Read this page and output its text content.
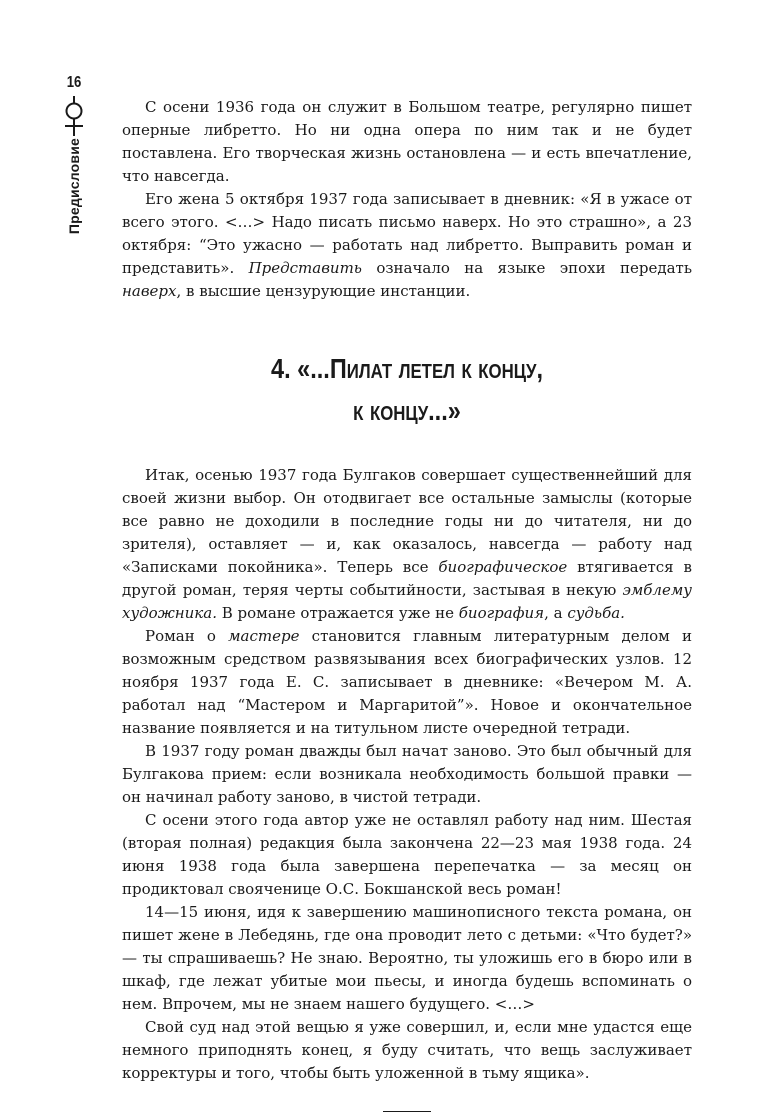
16
Предисловие

С осени 1936 года он служит в Большом театре, регулярно пишет оперные либретто. Но ни одна опера по ним так и не будет поставлена. Его творческая жизнь остановлена — и есть впечатление, что навсегда.

Его жена 5 октября 1937 года записывает в дневник: «Я в ужасе от всего этого. <…> Надо писать письмо наверх. Но это страшно», а 23 октября: “Это ужасно — работать над либретто. Выправить роман и представить». Представить означало на языке эпохи передать наверх, в высшие цензурующие инстанции.

4. «...Пилат летел к концу,
к концу...»

Итак, осенью 1937 года Булгаков совершает существеннейший для своей жизни выбор. Он отодвигает все остальные замыслы (которые все равно не доходили в последние годы ни до читателя, ни до зрителя), оставляет — и, как оказалось, навсегда — работу над «Записками покойника». Теперь все биографическое втягивается в другой роман, теряя черты событийности, застывая в некую эмблему художника. В романе отражается уже не биография, а судьба.

Роман о мастере становится главным литературным делом и возможным средством развязывания всех биографических узлов. 12 ноября 1937 года Е. С. записывает в дневнике: «Вечером М. А. работал над “Мастером и Маргаритой”». Новое и окончательное название появляется и на титульном листе очередной тетради.

В 1937 году роман дважды был начат заново. Это был обычный для Булгакова прием: если возникала необходимость большой правки — он начинал работу заново, в чистой тетради.

С осени этого года автор уже не оставлял работу над ним. Шестая (вторая полная) редакция была закончена 22—23 мая 1938 года. 24 июня 1938 года была завершена перепечатка — за месяц он продиктовал свояченице О.С. Бокшанской весь роман!

14—15 июня, идя к завершению машинописного текста романа, он пишет жене в Лебедянь, где она проводит лето с детьми: «Что будет?» — ты спрашиваешь? Не знаю. Вероятно, ты уложишь его в бюро или в шкаф, где лежат убитые мои пьесы, и иногда будешь вспоминать о нем. Впрочем, мы не знаем нашего будущего. <…>

Свой суд над этой вещью я уже совершил, и, если мне удастся еще немного приподнять конец, я буду считать, что вещь заслуживает корректуры и того, чтобы быть уложенной в тьму ящика».
